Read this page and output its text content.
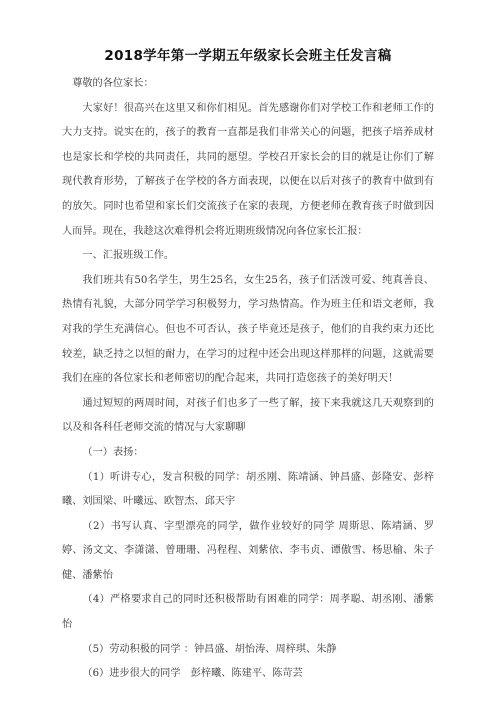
2018学年第一学期五年级家长会班主任发言稿

尊敬的各位家长：

大家好！很高兴在这里又和你们相见。首先感谢你们对学校工作和老师工作的大力支持。说实在的，孩子的教育一直都是我们非常关心的问题，把孩子培养成材也是家长和学校的共同责任，共同的愿望。学校召开家长会的目的就是让你们了解现代教育形势，了解孩子在学校的各方面表现，以便在以后对孩子的教育中做到有的放矢。同时也希望和家长们交流孩子在家的表现，方便老师在教育孩子时做到因人而异。现在，我趁这次难得机会将近期班级情况向各位家长汇报：

一、汇报班级工作。

我们班共有50名学生，男生25名，女生25名，孩子们活泼可爱、纯真善良、热情有礼貌，大部分同学学习积极努力，学习热情高。作为班主任和语文老师，我对我的学生充满信心。但也不可否认，孩子毕竟还是孩子，他们的自我约束力还比较差，缺乏持之以恒的耐力，在学习的过程中还会出现这样那样的问题，这就需要我们在座的各位家长和老师密切的配合起来，共同打造您孩子的美好明天！

通过短短的两周时间，对孩子们也多了一些了解，接下来我就这几天观察到的以及和各科任老师交流的情况与大家聊聊

（一）表扬：

（1）听讲专心，发言积极的同学：胡丞刚、陈靖涵、钟昌盛、彭隆安、彭梓曦、刘国梁、叶曦远、欧智杰、邱天宇

（2）书写认真、字型漂亮的同学，做作业较好的同学 周斯思、陈靖涵、罗婷、汤文文、李潇潇、曾珊珊、冯程程、刘紫依、李韦贞、谭傲雪、杨思榆、朱子健、潘紫怡

（4）严格要求自己的同时还积极帮助有困难的同学：周孝聪、胡丞刚、潘紫怡

（5）劳动积极的同学 ：钟昌盛、胡怡涛、周梓琪、朱静

（6）进步很大的同学　彭梓曦、陈建平、陈苛芸
